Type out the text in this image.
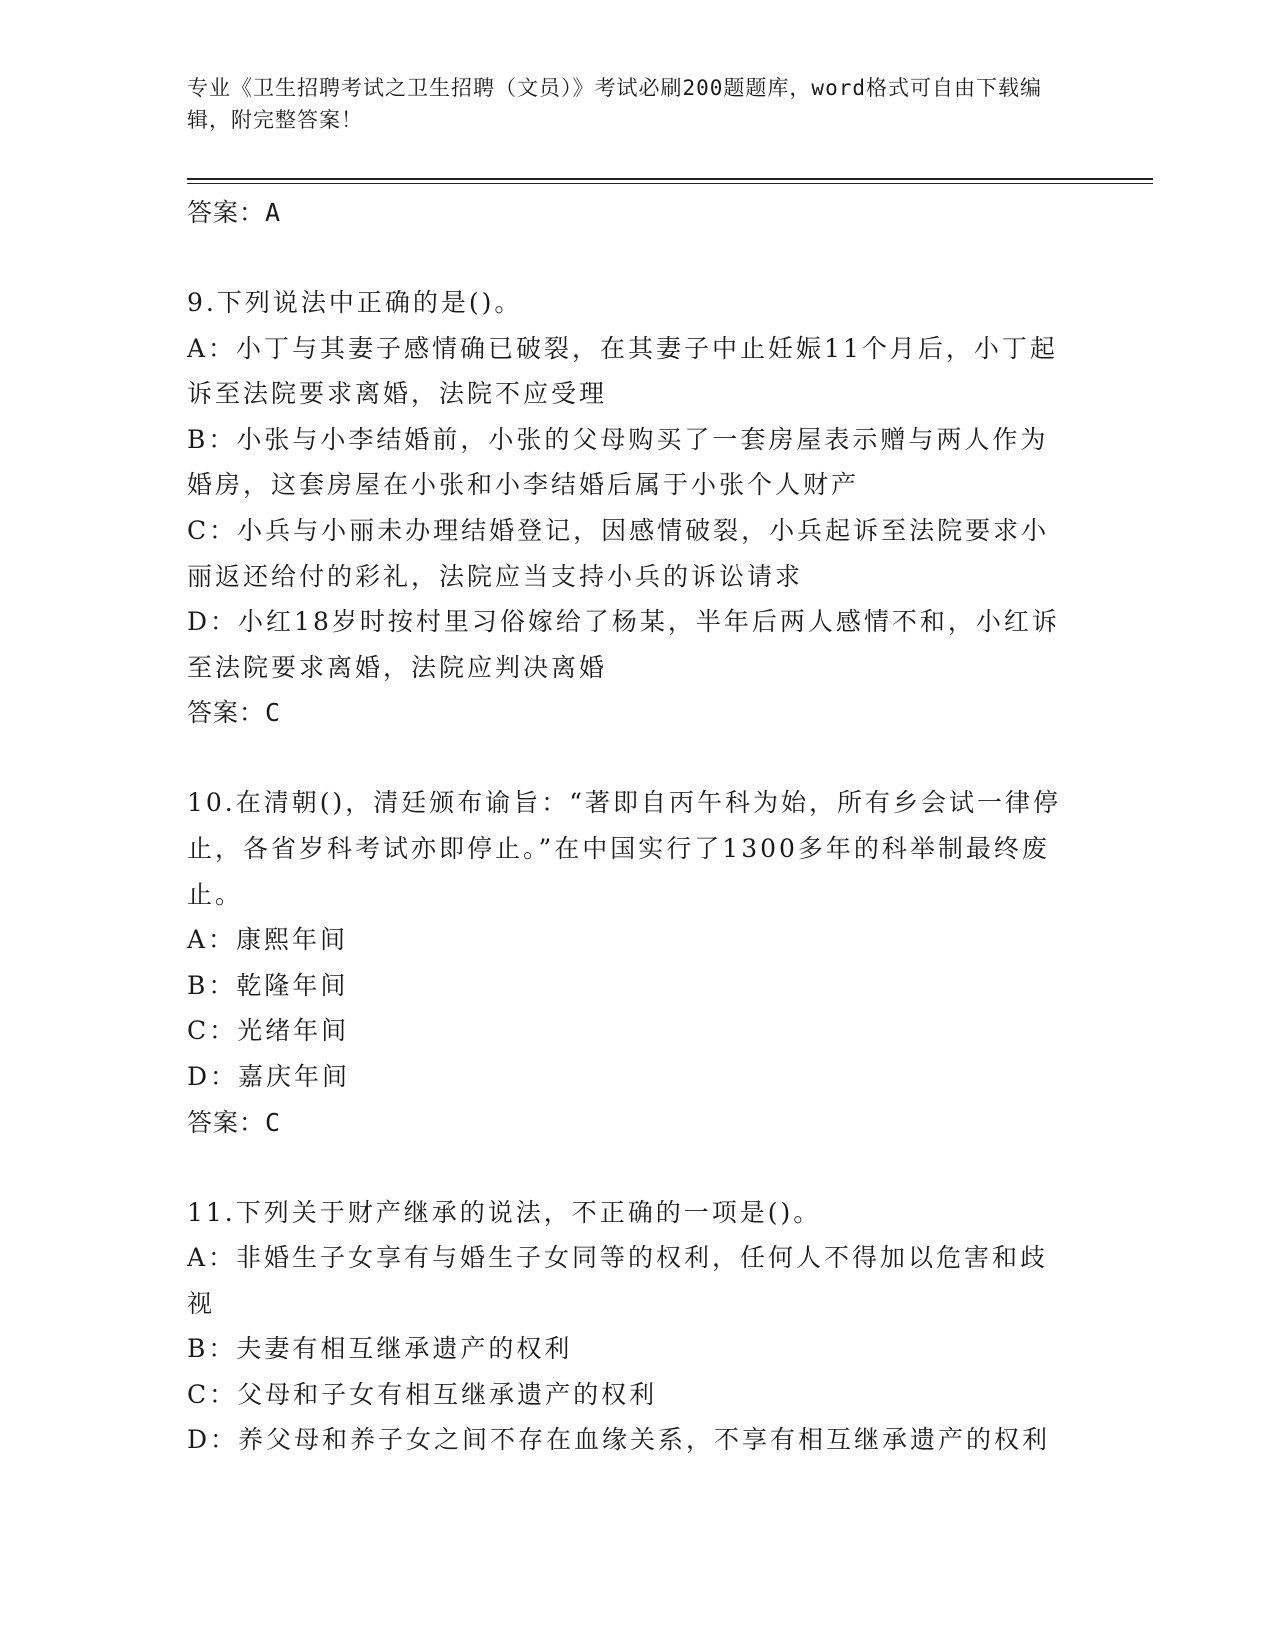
专业《卫生招聘考试之卫生招聘（文员）》考试必刷200题题库，word格式可自由下载编辑，附完整答案！
答案：A
9.下列说法中正确的是()。
A：小丁与其妻子感情确已破裂，在其妻子中止妊娠11个月后，小丁起诉至法院要求离婚，法院不应受理
B：小张与小李结婚前，小张的父母购买了一套房屋表示赠与两人作为婚房，这套房屋在小张和小李结婚后属于小张个人财产
C：小兵与小丽未办理结婚登记，因感情破裂，小兵起诉至法院要求小丽返还给付的彩礼，法院应当支持小兵的诉讼请求
D：小红18岁时按村里习俗嫁给了杨某，半年后两人感情不和，小红诉至法院要求离婚，法院应判决离婚
答案：C
10.在清朝()，清廷颁布谕旨：“著即自丙午科为始，所有乡会试一律停止，各省岁科考试亦即停止。”在中国实行了1300多年的科举制最终废止。
A：康熙年间
B：乾隆年间
C：光绪年间
D：嘉庆年间
答案：C
11.下列关于财产继承的说法，不正确的一项是()。
A：非婚生子女享有与婚生子女同等的权利，任何人不得加以危害和歧视
B：夫妻有相互继承遗产的权利
C：父母和子女有相互继承遗产的权利
D：养父母和养子女之间不存在血缘关系，不享有相互继承遗产的权利
